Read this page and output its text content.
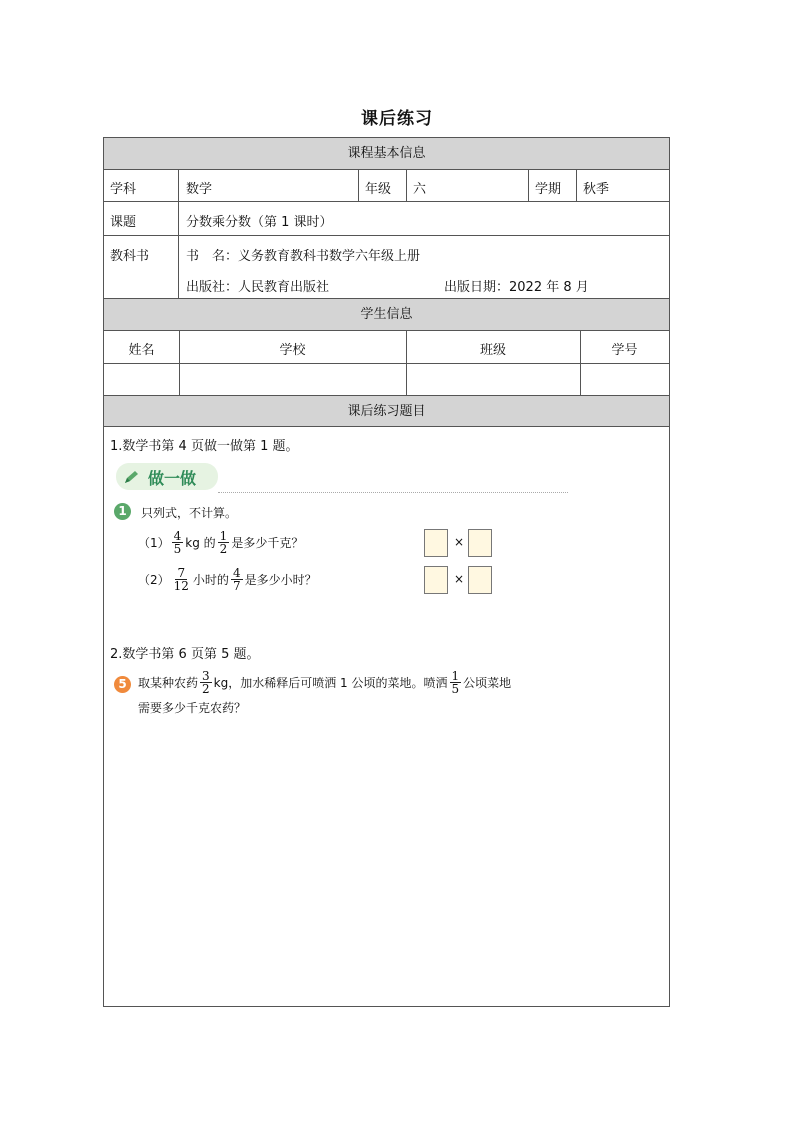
课后练习
课程基本信息
学科	数学	年级 六	学期 秋季
课题	分数乘分数（第 1 课时）
教科书	书　名：义务教育教科书数学六年级上册
出版社：人民教育出版社	出版日期：2022 年 8 月
学生信息
姓名	学校	班级	学号
课后练习题目
1.数学书第 4 页做一做第 1 题。
做一做
1	只列式，不计算。
$(1) \frac{4}{5}$ kg 的 $\frac{1}{2}$ 是多少千克？	×
$(2) \frac{7}{12}$ 小时的 $\frac{4}{7}$ 是多少小时？	×
2.数学书第 6 页第 5 题。
5 取某种农药 $\frac{3}{2}$ kg，加水稀释后可喷洒 1 公顷的菜地。喷洒 $\frac{1}{5}$ 公顷菜地
需要多少千克农药？
